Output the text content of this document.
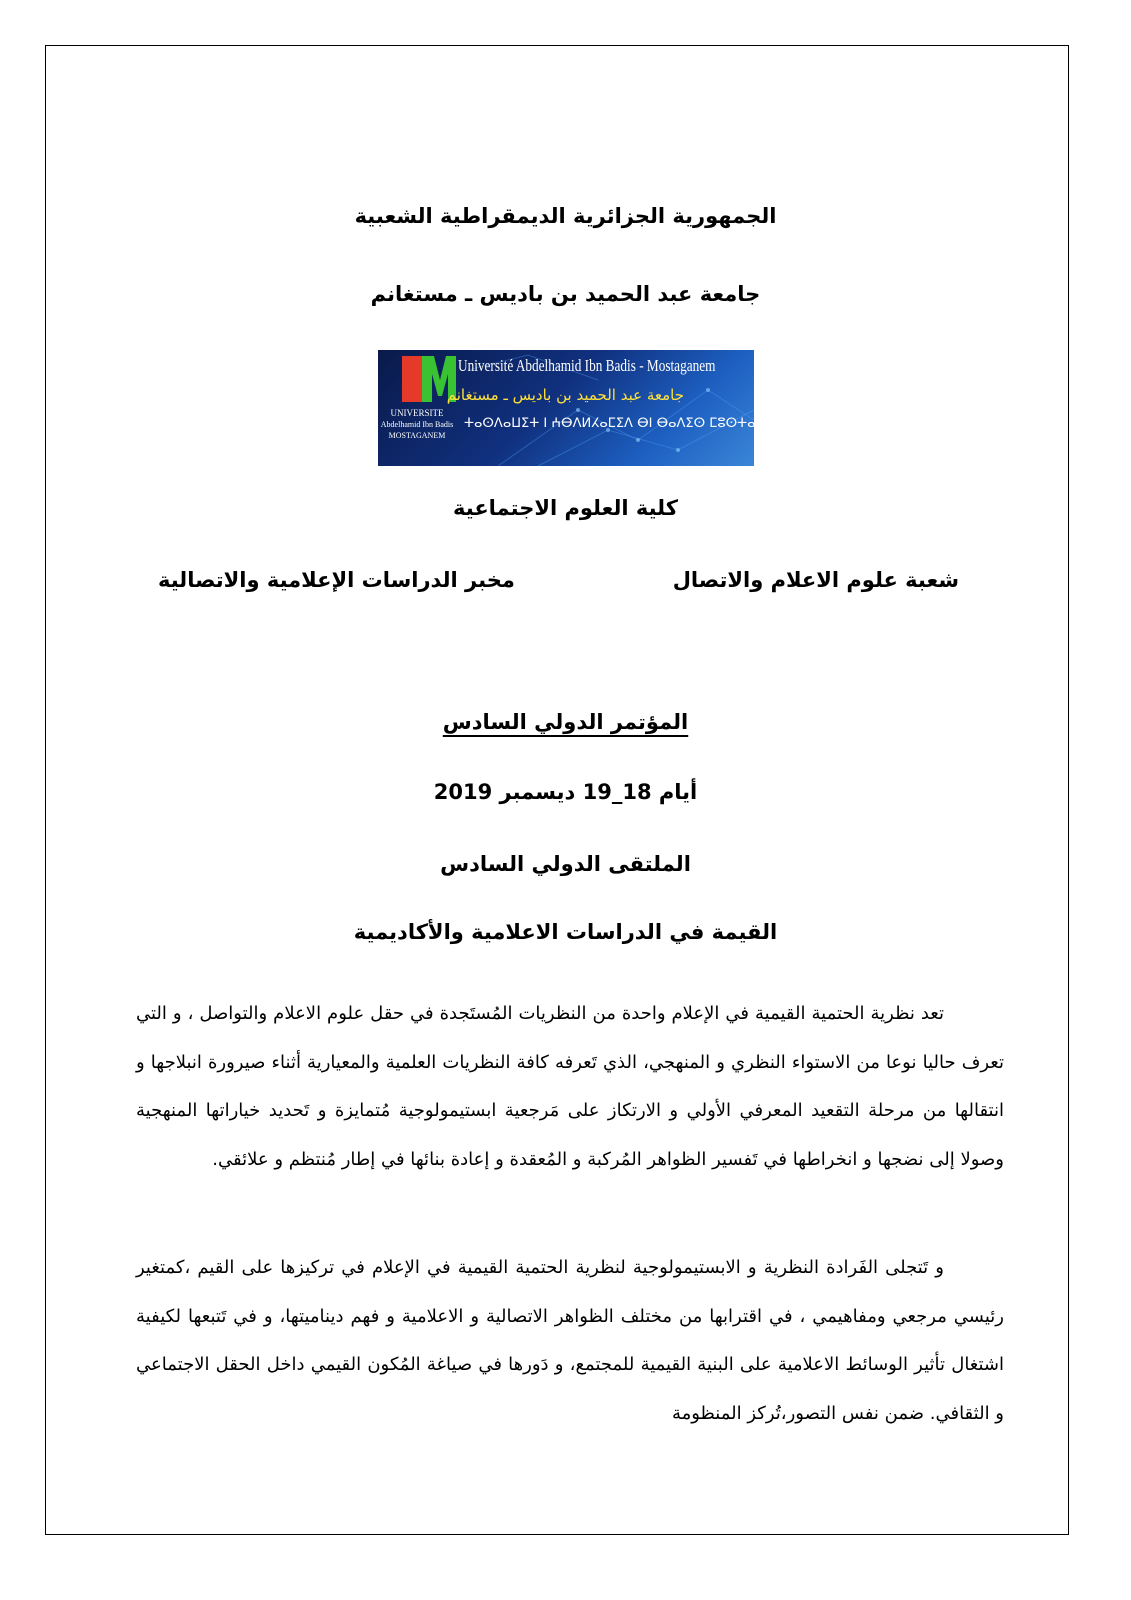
الجمهورية الجزائرية الديمقراطية الشعبية
جامعة عبد الحميد بن باديس ـ مستغانم
Université Abdelhamid Ibn Badis - Mostaganem
جامعة عبد الحميد بن باديس ـ مستغانم
ⵜⴰⵙⴷⴰⵡⵉⵜ ⵏ ⵄⴱⴷⵍⵃⴰⵎⵉⴷ ⴱⵏ ⴱⴰⴷⵉⵙ ⵎⵓⵙⵜⴰⵖⴰⵏⴰⵎ
UNIVERSITE
Abdelhamid Ibn Badis
MOSTAGANEM
كلية العلوم الاجتماعية
شعبة علوم الاعلام والاتصال
مخبر الدراسات الإعلامية والاتصالية
المؤتمر الدولي السادس
أيام 18_19 ديسمبر 2019
الملتقى الدولي السادس
القيمة في الدراسات الاعلامية والأكاديمية

تعد نظرية الحتمية القيمية في الإعلام واحدة من النظريات المُستَجدة في حقل علوم الاعلام والتواصل ، و التي تعرف حاليا نوعا من الاستواء النظري و المنهجي، الذي تَعرفه كافة النظريات العلمية والمعيارية أثناء صيرورة انبلاجها و انتقالها من مرحلة التقعيد المعرفي الأولي و الارتكاز على مَرجعية ابستيمولوجية مُتمايزة و تَحديد خياراتها المنهجية وصولا إلى نضجها و انخراطها في تَفسير الظواهر المُركبة و المُعقدة و إعادة بنائها في إطار مُنتظم و علائقي.

و تَتجلى الفَرادة النظرية و الابستيمولوجية لنظرية الحتمية القيمية في الإعلام في تركيزها على القيم ،كمتغير رئيسي مرجعي ومفاهيمي ، في اقترابها من مختلف الظواهر الاتصالية و الاعلامية و فهم ديناميتها، و في تَتبعها لكيفية اشتغال تأثير الوسائط الاعلامية على البنية القيمية للمجتمع، و دَورها في صياغة المُكون القيمي داخل الحقل الاجتماعي و الثقافي. ضمن نفس التصور،تُركز المنظومة
